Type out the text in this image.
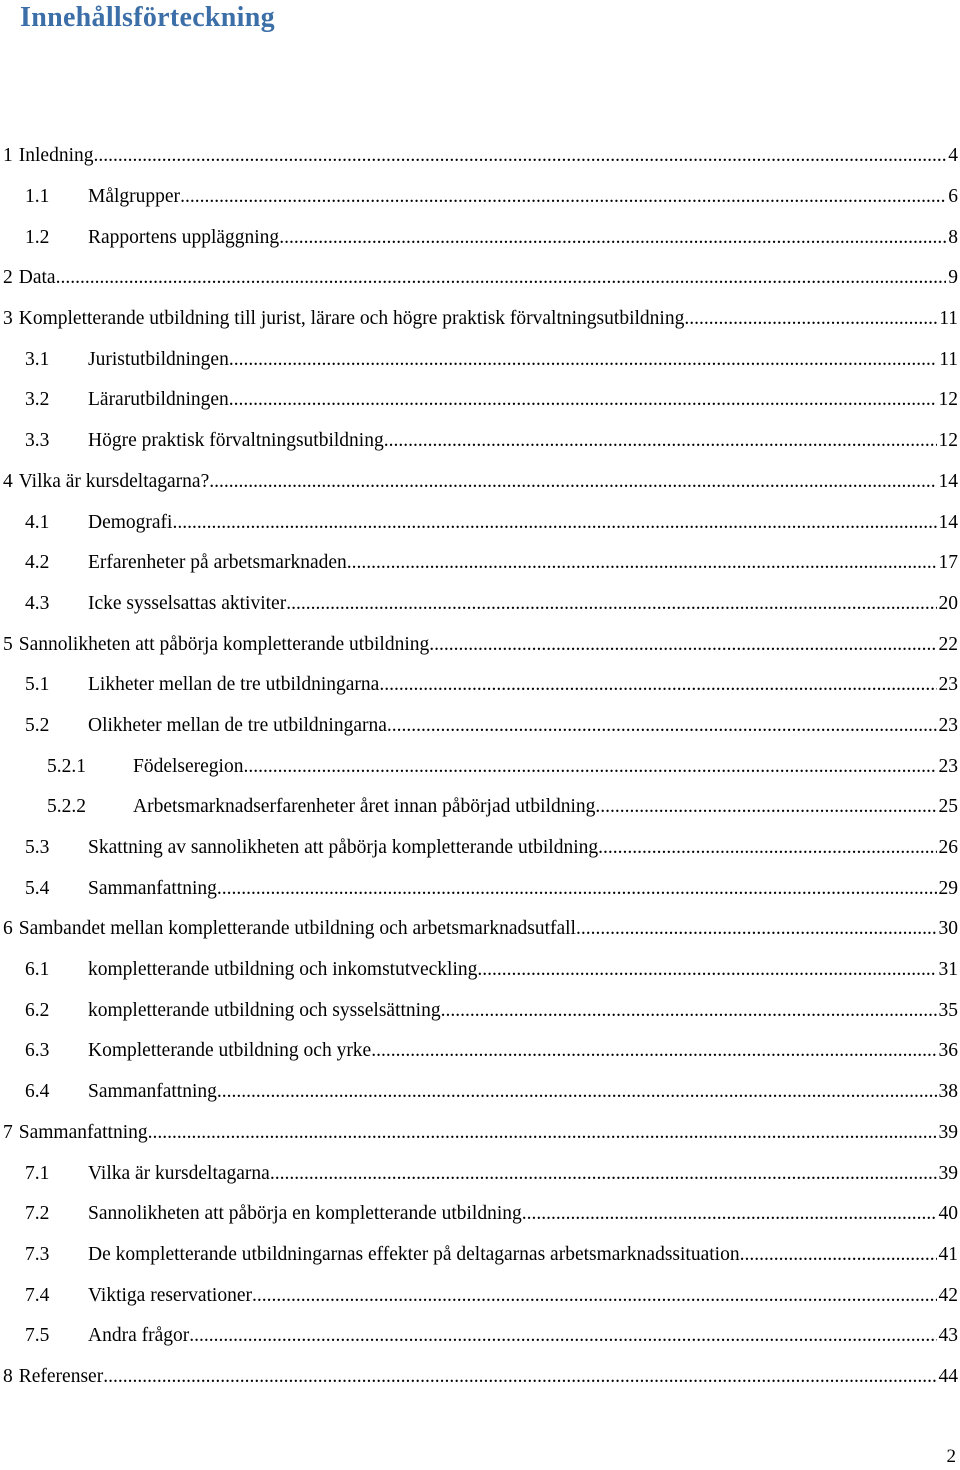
Innehållsförteckning
1 Inledning .....	4
1.1	Målgrupper .....	6
1.2	Rapportens uppläggning .....	8
2 Data .....	9
3 Kompletterande utbildning till jurist, lärare och högre praktisk förvaltningsutbildning .....	11
3.1	Juristutbildningen .....	11
3.2	Lärarutbildningen .....	12
3.3	Högre praktisk förvaltningsutbildning .....	12
4 Vilka är kursdeltagarna? .....	14
4.1	Demografi .....	14
4.2	Erfarenheter på arbetsmarknaden .....	17
4.3	Icke sysselsattas aktiviter .....	20
5 Sannolikheten att påbörja kompletterande utbildning .....	22
5.1	Likheter mellan de tre utbildningarna .....	23
5.2	Olikheter mellan de tre utbildningarna .....	23
5.2.1	Födelseregion .....	23
5.2.2	Arbetsmarknadserfarenheter året innan påbörjad utbildning .....	25
5.3	Skattning av sannolikheten att påbörja kompletterande utbildning .....	26
5.4	Sammanfattning .....	29
6 Sambandet mellan kompletterande utbildning och arbetsmarknadsutfall .....	30
6.1	kompletterande utbildning och inkomstutveckling .....	31
6.2	kompletterande utbildning och sysselsättning .....	35
6.3	Kompletterande utbildning och yrke .....	36
6.4	Sammanfattning .....	38
7 Sammanfattning .....	39
7.1	Vilka är kursdeltagarna .....	39
7.2	Sannolikheten att påbörja en kompletterande utbildning .....	40
7.3	De kompletterande utbildningarnas effekter på deltagarnas arbetsmarknadssituation .....	41
7.4	Viktiga reservationer .....	42
7.5	Andra frågor .....	43
8 Referenser .....	44
2
